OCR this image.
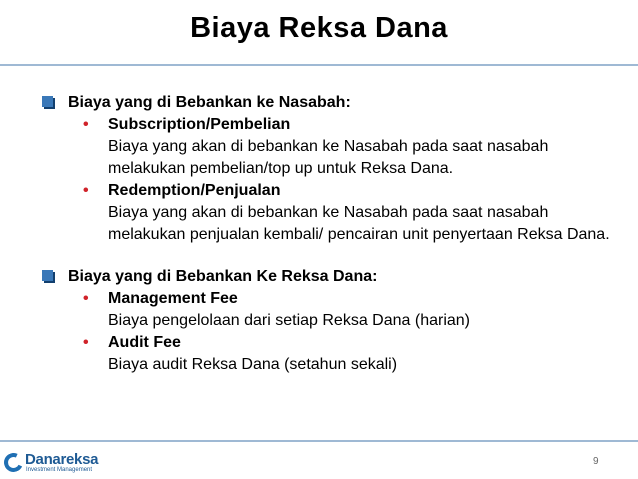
Biaya Reksa Dana
Biaya yang di Bebankan ke Nasabah:
• Subscription/Pembelian
Biaya yang akan di bebankan ke Nasabah pada saat nasabah melakukan pembelian/top up untuk Reksa Dana.
• Redemption/Penjualan
Biaya yang akan di bebankan ke Nasabah pada saat nasabah melakukan penjualan kembali/ pencairan unit penyertaan Reksa Dana.
Biaya yang di Bebankan Ke Reksa Dana:
• Management Fee
Biaya pengelolaan dari setiap Reksa Dana (harian)
• Audit Fee
Biaya audit Reksa Dana (setahun sekali)
Danareksa
Investment Management
9
